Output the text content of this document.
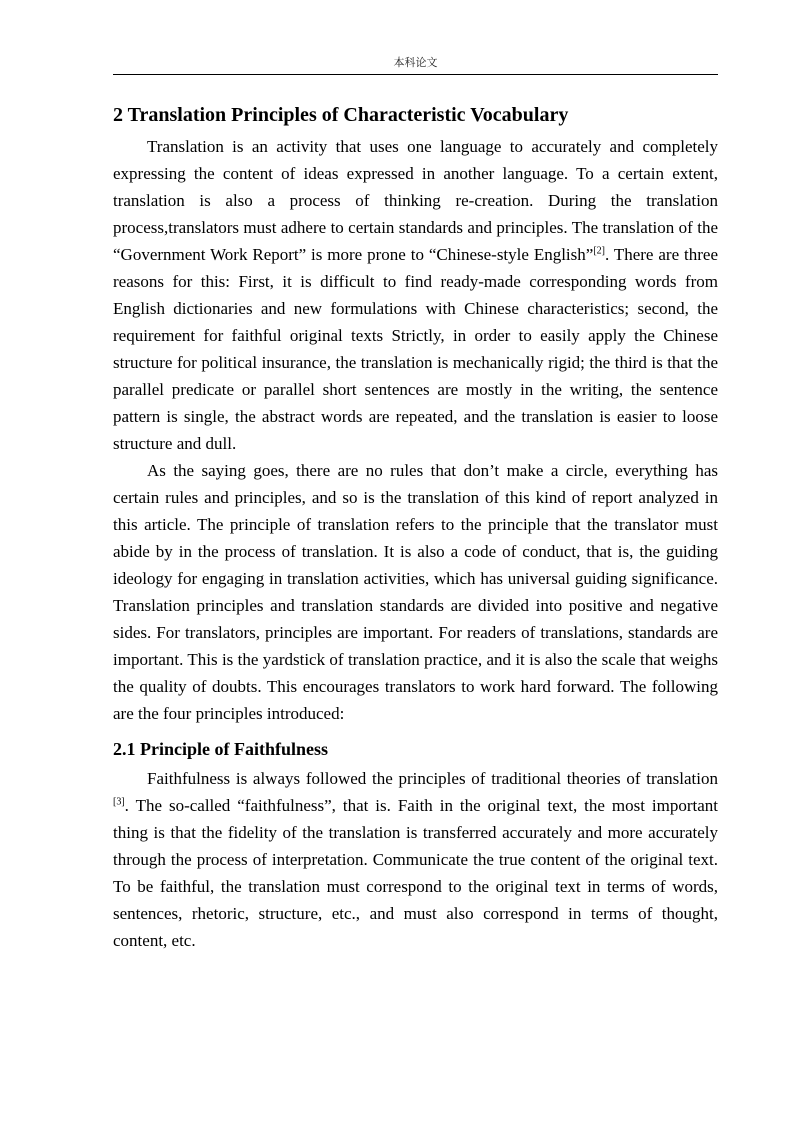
本科论文
2 Translation Principles of Characteristic Vocabulary

Translation is an activity that uses one language to accurately and completely expressing the content of ideas expressed in another language. To a certain extent, translation is also a process of thinking re-creation. During the translation process,translators must adhere to certain standards and principles. The translation of the “Government Work Report” is more prone to “Chinese-style English”[2]. There are three reasons for this: First, it is difficult to find ready-made corresponding words from English dictionaries and new formulations with Chinese characteristics; second, the requirement for faithful original texts Strictly, in order to easily apply the Chinese structure for political insurance, the translation is mechanically rigid; the third is that the parallel predicate or parallel short sentences are mostly in the writing, the sentence pattern is single, the abstract words are repeated, and the translation is easier to loose structure and dull.

As the saying goes, there are no rules that don’t make a circle, everything has certain rules and principles, and so is the translation of this kind of report analyzed in this article. The principle of translation refers to the principle that the translator must abide by in the process of translation. It is also a code of conduct, that is, the guiding ideology for engaging in translation activities, which has universal guiding significance. Translation principles and translation standards are divided into positive and negative sides. For translators, principles are important. For readers of translations, standards are important. This is the yardstick of translation practice, and it is also the scale that weighs the quality of doubts. This encourages translators to work hard forward. The following are the four principles introduced:

2.1 Principle of Faithfulness

Faithfulness is always followed the principles of traditional theories of translation [3]. The so-called “faithfulness”, that is. Faith in the original text, the most important thing is that the fidelity of the translation is transferred accurately and more accurately through the process of interpretation. Communicate the true content of the original text. To be faithful, the translation must correspond to the original text in terms of words, sentences, rhetoric, structure, etc., and must also correspond in terms of thought, content, etc.
